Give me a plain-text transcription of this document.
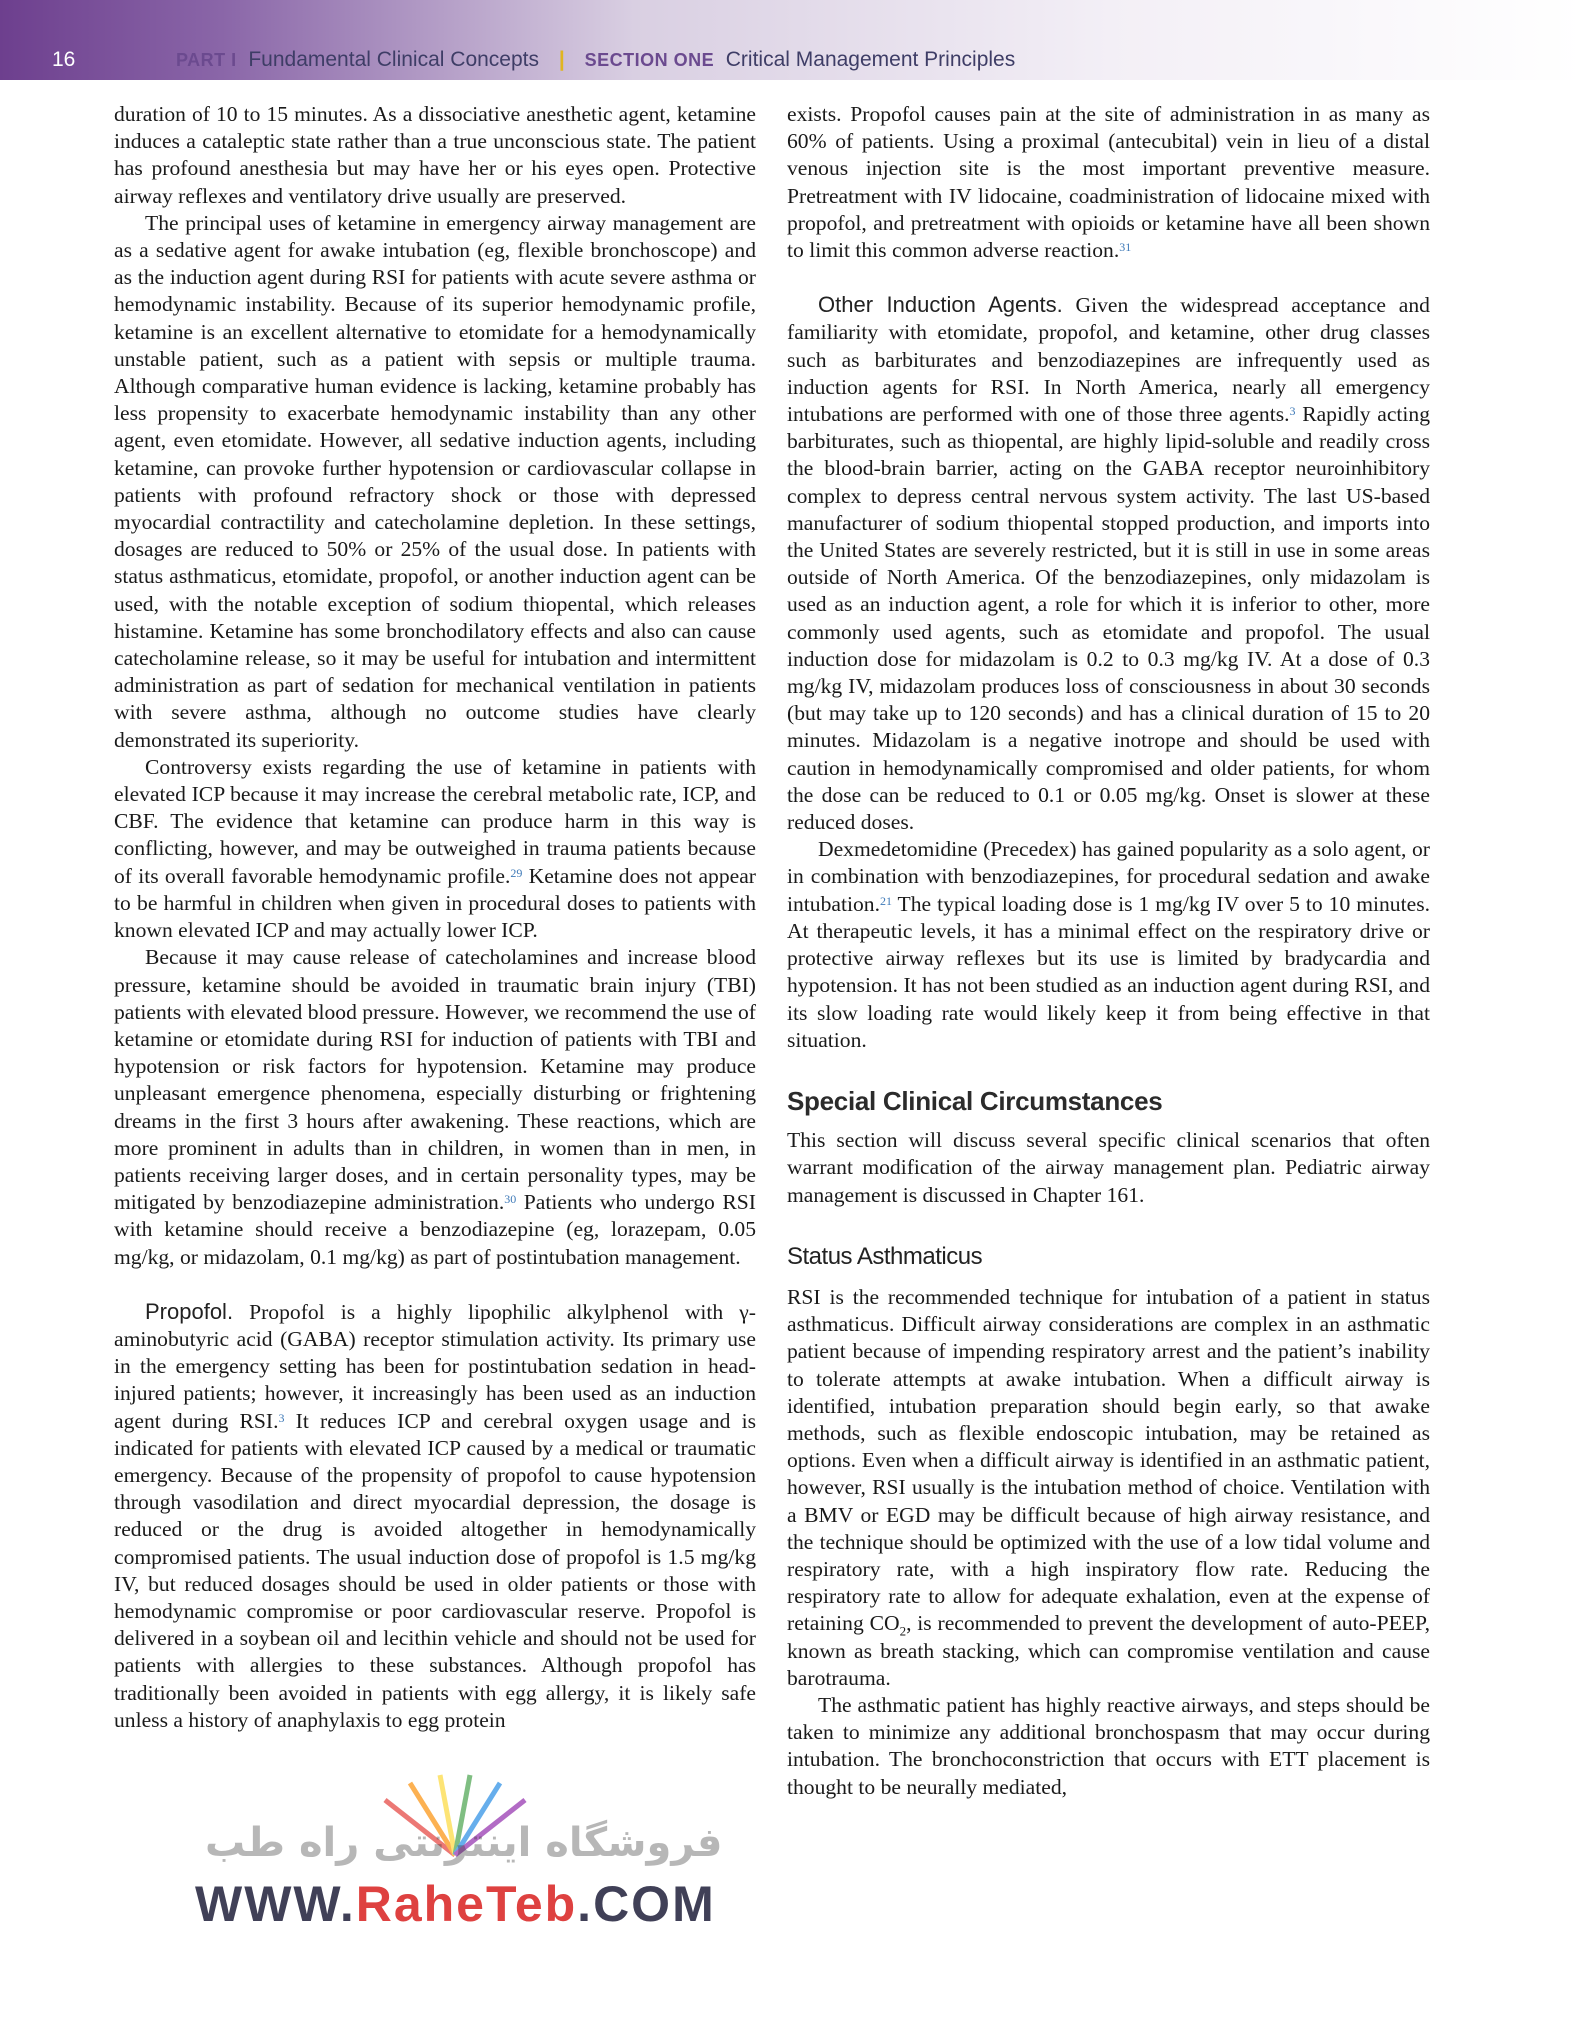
16	PART I Fundamental Clinical Concepts | SECTION ONE Critical Management Principles

duration of 10 to 15 minutes. As a dissociative anesthetic agent, ketamine induces a cataleptic state rather than a true unconscious state. The patient has profound anesthesia but may have her or his eyes open. Protective airway reflexes and ventilatory drive usually are preserved.

The principal uses of ketamine in emergency airway management are as a sedative agent for awake intubation (eg, flexible bronchoscope) and as the induction agent during RSI for patients with acute severe asthma or hemodynamic instability. Because of its superior hemodynamic profile, ketamine is an excellent alternative to etomidate for a hemodynamically unstable patient, such as a patient with sepsis or multiple trauma. Although comparative human evidence is lacking, ketamine probably has less propensity to exacerbate hemodynamic instability than any other agent, even etomidate. However, all sedative induction agents, including ketamine, can provoke further hypotension or cardiovascular collapse in patients with profound refractory shock or those with depressed myocardial contractility and catecholamine depletion. In these settings, dosages are reduced to 50% or 25% of the usual dose. In patients with status asthmaticus, etomidate, propofol, or another induction agent can be used, with the notable exception of sodium thiopental, which releases histamine. Ketamine has some bronchodilatory effects and also can cause catecholamine release, so it may be useful for intubation and intermittent administration as part of sedation for mechanical ventilation in patients with severe asthma, although no outcome studies have clearly demonstrated its superiority.

Controversy exists regarding the use of ketamine in patients with elevated ICP because it may increase the cerebral metabolic rate, ICP, and CBF. The evidence that ketamine can produce harm in this way is conflicting, however, and may be outweighed in trauma patients because of its overall favorable hemodynamic profile.$^{29}$ Ketamine does not appear to be harmful in children when given in procedural doses to patients with known elevated ICP and may actually lower ICP.

Because it may cause release of catecholamines and increase blood pressure, ketamine should be avoided in traumatic brain injury (TBI) patients with elevated blood pressure. However, we recommend the use of ketamine or etomidate during RSI for induction of patients with TBI and hypotension or risk factors for hypotension. Ketamine may produce unpleasant emergence phenomena, especially disturbing or frightening dreams in the first 3 hours after awakening. These reactions, which are more prominent in adults than in children, in women than in men, in patients receiving larger doses, and in certain personality types, may be mitigated by benzodiazepine administration.$^{30}$ Patients who undergo RSI with ketamine should receive a benzodiazepine (eg, lorazepam, 0.05 mg/kg, or midazolam, 0.1 mg/kg) as part of postintubation management.

Propofol. Propofol is a highly lipophilic alkylphenol with γ-aminobutyric acid (GABA) receptor stimulation activity. Its primary use in the emergency setting has been for postintubation sedation in head-injured patients; however, it increasingly has been used as an induction agent during RSI.$^3$ It reduces ICP and cerebral oxygen usage and is indicated for patients with elevated ICP caused by a medical or traumatic emergency. Because of the propensity of propofol to cause hypotension through vasodilation and direct myocardial depression, the dosage is reduced or the drug is avoided altogether in hemodynamically compromised patients. The usual induction dose of propofol is 1.5 mg/kg IV, but reduced dosages should be used in older patients or those with hemodynamic compromise or poor cardiovascular reserve. Propofol is delivered in a soybean oil and lecithin vehicle and should not be used for patients with allergies to these substances. Although propofol has traditionally been avoided in patients with egg allergy, it is likely safe unless a history of anaphylaxis to egg protein

exists. Propofol causes pain at the site of administration in as many as 60% of patients. Using a proximal (antecubital) vein in lieu of a distal venous injection site is the most important preventive measure. Pretreatment with IV lidocaine, coadministration of lidocaine mixed with propofol, and pretreatment with opioids or ketamine have all been shown to limit this common adverse reaction.$^{31}$

Other Induction Agents. Given the widespread acceptance and familiarity with etomidate, propofol, and ketamine, other drug classes such as barbiturates and benzodiazepines are infrequently used as induction agents for RSI. In North America, nearly all emergency intubations are performed with one of those three agents.$^3$ Rapidly acting barbiturates, such as thiopental, are highly lipid-soluble and readily cross the blood-brain barrier, acting on the GABA receptor neuroinhibitory complex to depress central nervous system activity. The last US-based manufacturer of sodium thiopental stopped production, and imports into the United States are severely restricted, but it is still in use in some areas outside of North America. Of the benzodiazepines, only midazolam is used as an induction agent, a role for which it is inferior to other, more commonly used agents, such as etomidate and propofol. The usual induction dose for midazolam is 0.2 to 0.3 mg/kg IV. At a dose of 0.3 mg/kg IV, midazolam produces loss of consciousness in about 30 seconds (but may take up to 120 seconds) and has a clinical duration of 15 to 20 minutes. Midazolam is a negative inotrope and should be used with caution in hemodynamically compromised and older patients, for whom the dose can be reduced to 0.1 or 0.05 mg/kg. Onset is slower at these reduced doses.

Dexmedetomidine (Precedex) has gained popularity as a solo agent, or in combination with benzodiazepines, for procedural sedation and awake intubation.$^{21}$ The typical loading dose is 1 mg/kg IV over 5 to 10 minutes. At therapeutic levels, it has a minimal effect on the respiratory drive or protective airway reflexes but its use is limited by bradycardia and hypotension. It has not been studied as an induction agent during RSI, and its slow loading rate would likely keep it from being effective in that situation.

Special Clinical Circumstances

This section will discuss several specific clinical scenarios that often warrant modification of the airway management plan. Pediatric airway management is discussed in Chapter 161.

Status Asthmaticus

RSI is the recommended technique for intubation of a patient in status asthmaticus. Difficult airway considerations are complex in an asthmatic patient because of impending respiratory arrest and the patient’s inability to tolerate attempts at awake intubation. When a difficult airway is identified, intubation preparation should begin early, so that awake methods, such as flexible endoscopic intubation, may be retained as options. Even when a difficult airway is identified in an asthmatic patient, however, RSI usually is the intubation method of choice. Ventilation with a BMV or EGD may be difficult because of high airway resistance, and the technique should be optimized with the use of a low tidal volume and respiratory rate, with a high inspiratory flow rate. Reducing the respiratory rate to allow for adequate exhalation, even at the expense of retaining $CO_2$, is recommended to prevent the development of auto-PEEP, known as breath stacking, which can compromise ventilation and cause barotrauma.

The asthmatic patient has highly reactive airways, and steps should be taken to minimize any additional bronchospasm that may occur during intubation. The bronchoconstriction that occurs with ETT placement is thought to be neurally mediated,

فروشگاه اینترنتی راه طب
WWW.RaheTeb.COM
